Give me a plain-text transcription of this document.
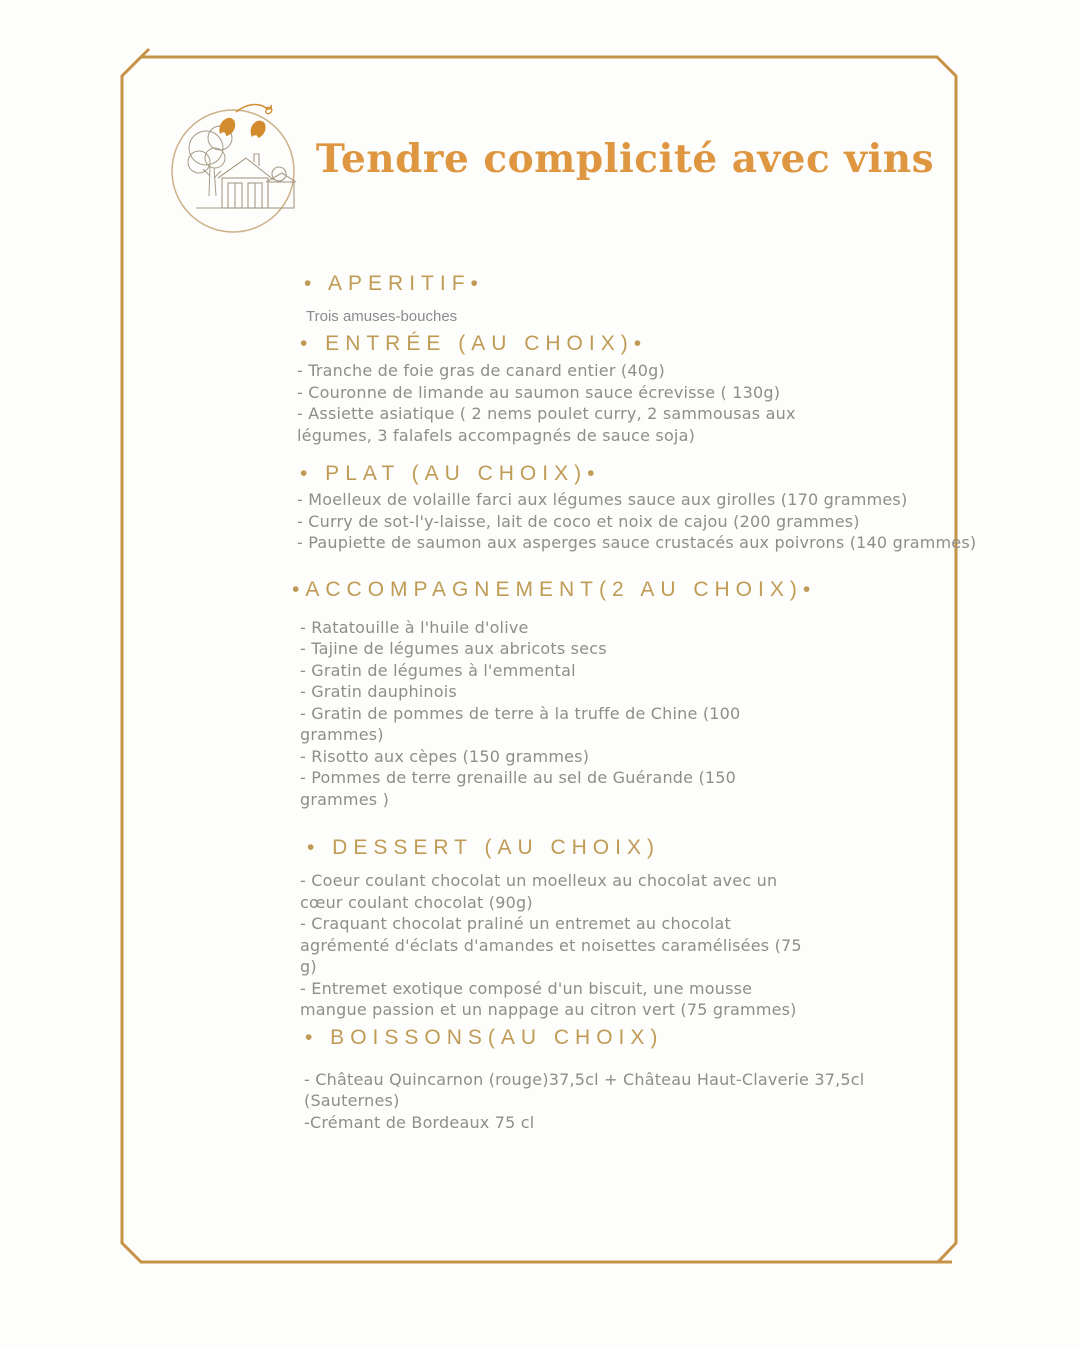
Tendre complicité avec vins
• APERITIF•

Trois amuses-bouches

• ENTRÉE (AU CHOIX)•

- Tranche de foie gras de canard entier (40g)

- Couronne de limande au saumon sauce écrevisse ( 130g)

- Assiette asiatique ( 2 nems poulet curry, 2 sammousas aux légumes, 3 falafels accompagnés de sauce soja)

• PLAT (AU CHOIX)•

- Moelleux de volaille farci aux légumes sauce aux girolles (170 grammes)

- Curry de sot-l'y-laisse, lait de coco et noix de cajou (200 grammes)

- Paupiette de saumon aux asperges sauce crustacés aux poivrons (140 grammes)

•ACCOMPAGNEMENT(2 AU CHOIX)•

- Ratatouille à l'huile d'olive

- Tajine de légumes aux abricots secs

- Gratin de légumes à l'emmental

- Gratin dauphinois

- Gratin de pommes de terre à la truffe de Chine (100 grammes)

- Risotto aux cèpes (150 grammes)

- Pommes de terre grenaille au sel de Guérande (150 grammes )

• DESSERT (AU CHOIX)

- Coeur coulant chocolat un moelleux au chocolat avec un cœur coulant chocolat (90g)

- Craquant chocolat praliné un entremet au chocolat agrémenté d'éclats d'amandes et noisettes caramélisées (75 g)

- Entremet exotique composé d'un biscuit, une mousse mangue passion et un nappage au citron vert (75 grammes)

• BOISSONS(AU CHOIX)

- Château Quincarnon (rouge)37,5cl + Château Haut-Claverie 37,5cl (Sauternes)

-Crémant de Bordeaux 75 cl
